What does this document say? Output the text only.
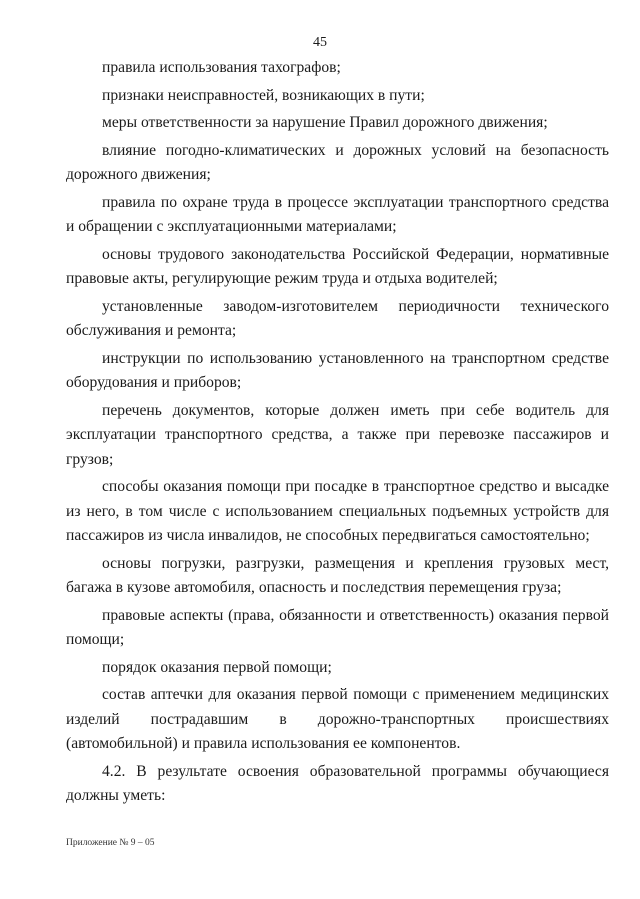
45

правила использования тахографов;

признаки неисправностей, возникающих в пути;

меры ответственности за нарушение Правил дорожного движения;

влияние погодно-климатических и дорожных условий на безопасность дорожного движения;

правила по охране труда в процессе эксплуатации транспортного средства и обращении с эксплуатационными материалами;

основы трудового законодательства Российской Федерации, нормативные правовые акты, регулирующие режим труда и отдыха водителей;

установленные заводом-изготовителем периодичности технического обслуживания и ремонта;

инструкции по использованию установленного на транспортном средстве оборудования и приборов;

перечень документов, которые должен иметь при себе водитель для эксплуатации транспортного средства, а также при перевозке пассажиров и грузов;

способы оказания помощи при посадке в транспортное средство и высадке из него, в том числе с использованием специальных подъемных устройств для пассажиров из числа инвалидов, не способных передвигаться самостоятельно;

основы погрузки, разгрузки, размещения и крепления грузовых мест, багажа в кузове автомобиля, опасность и последствия перемещения груза;

правовые аспекты (права, обязанности и ответственность) оказания первой помощи;

порядок оказания первой помощи;

состав аптечки для оказания первой помощи с применением медицинских изделий пострадавшим в дорожно-транспортных происшествиях (автомобильной) и правила использования ее компонентов.

4.2. В результате освоения образовательной программы обучающиеся должны уметь:

Приложение № 9 – 05
